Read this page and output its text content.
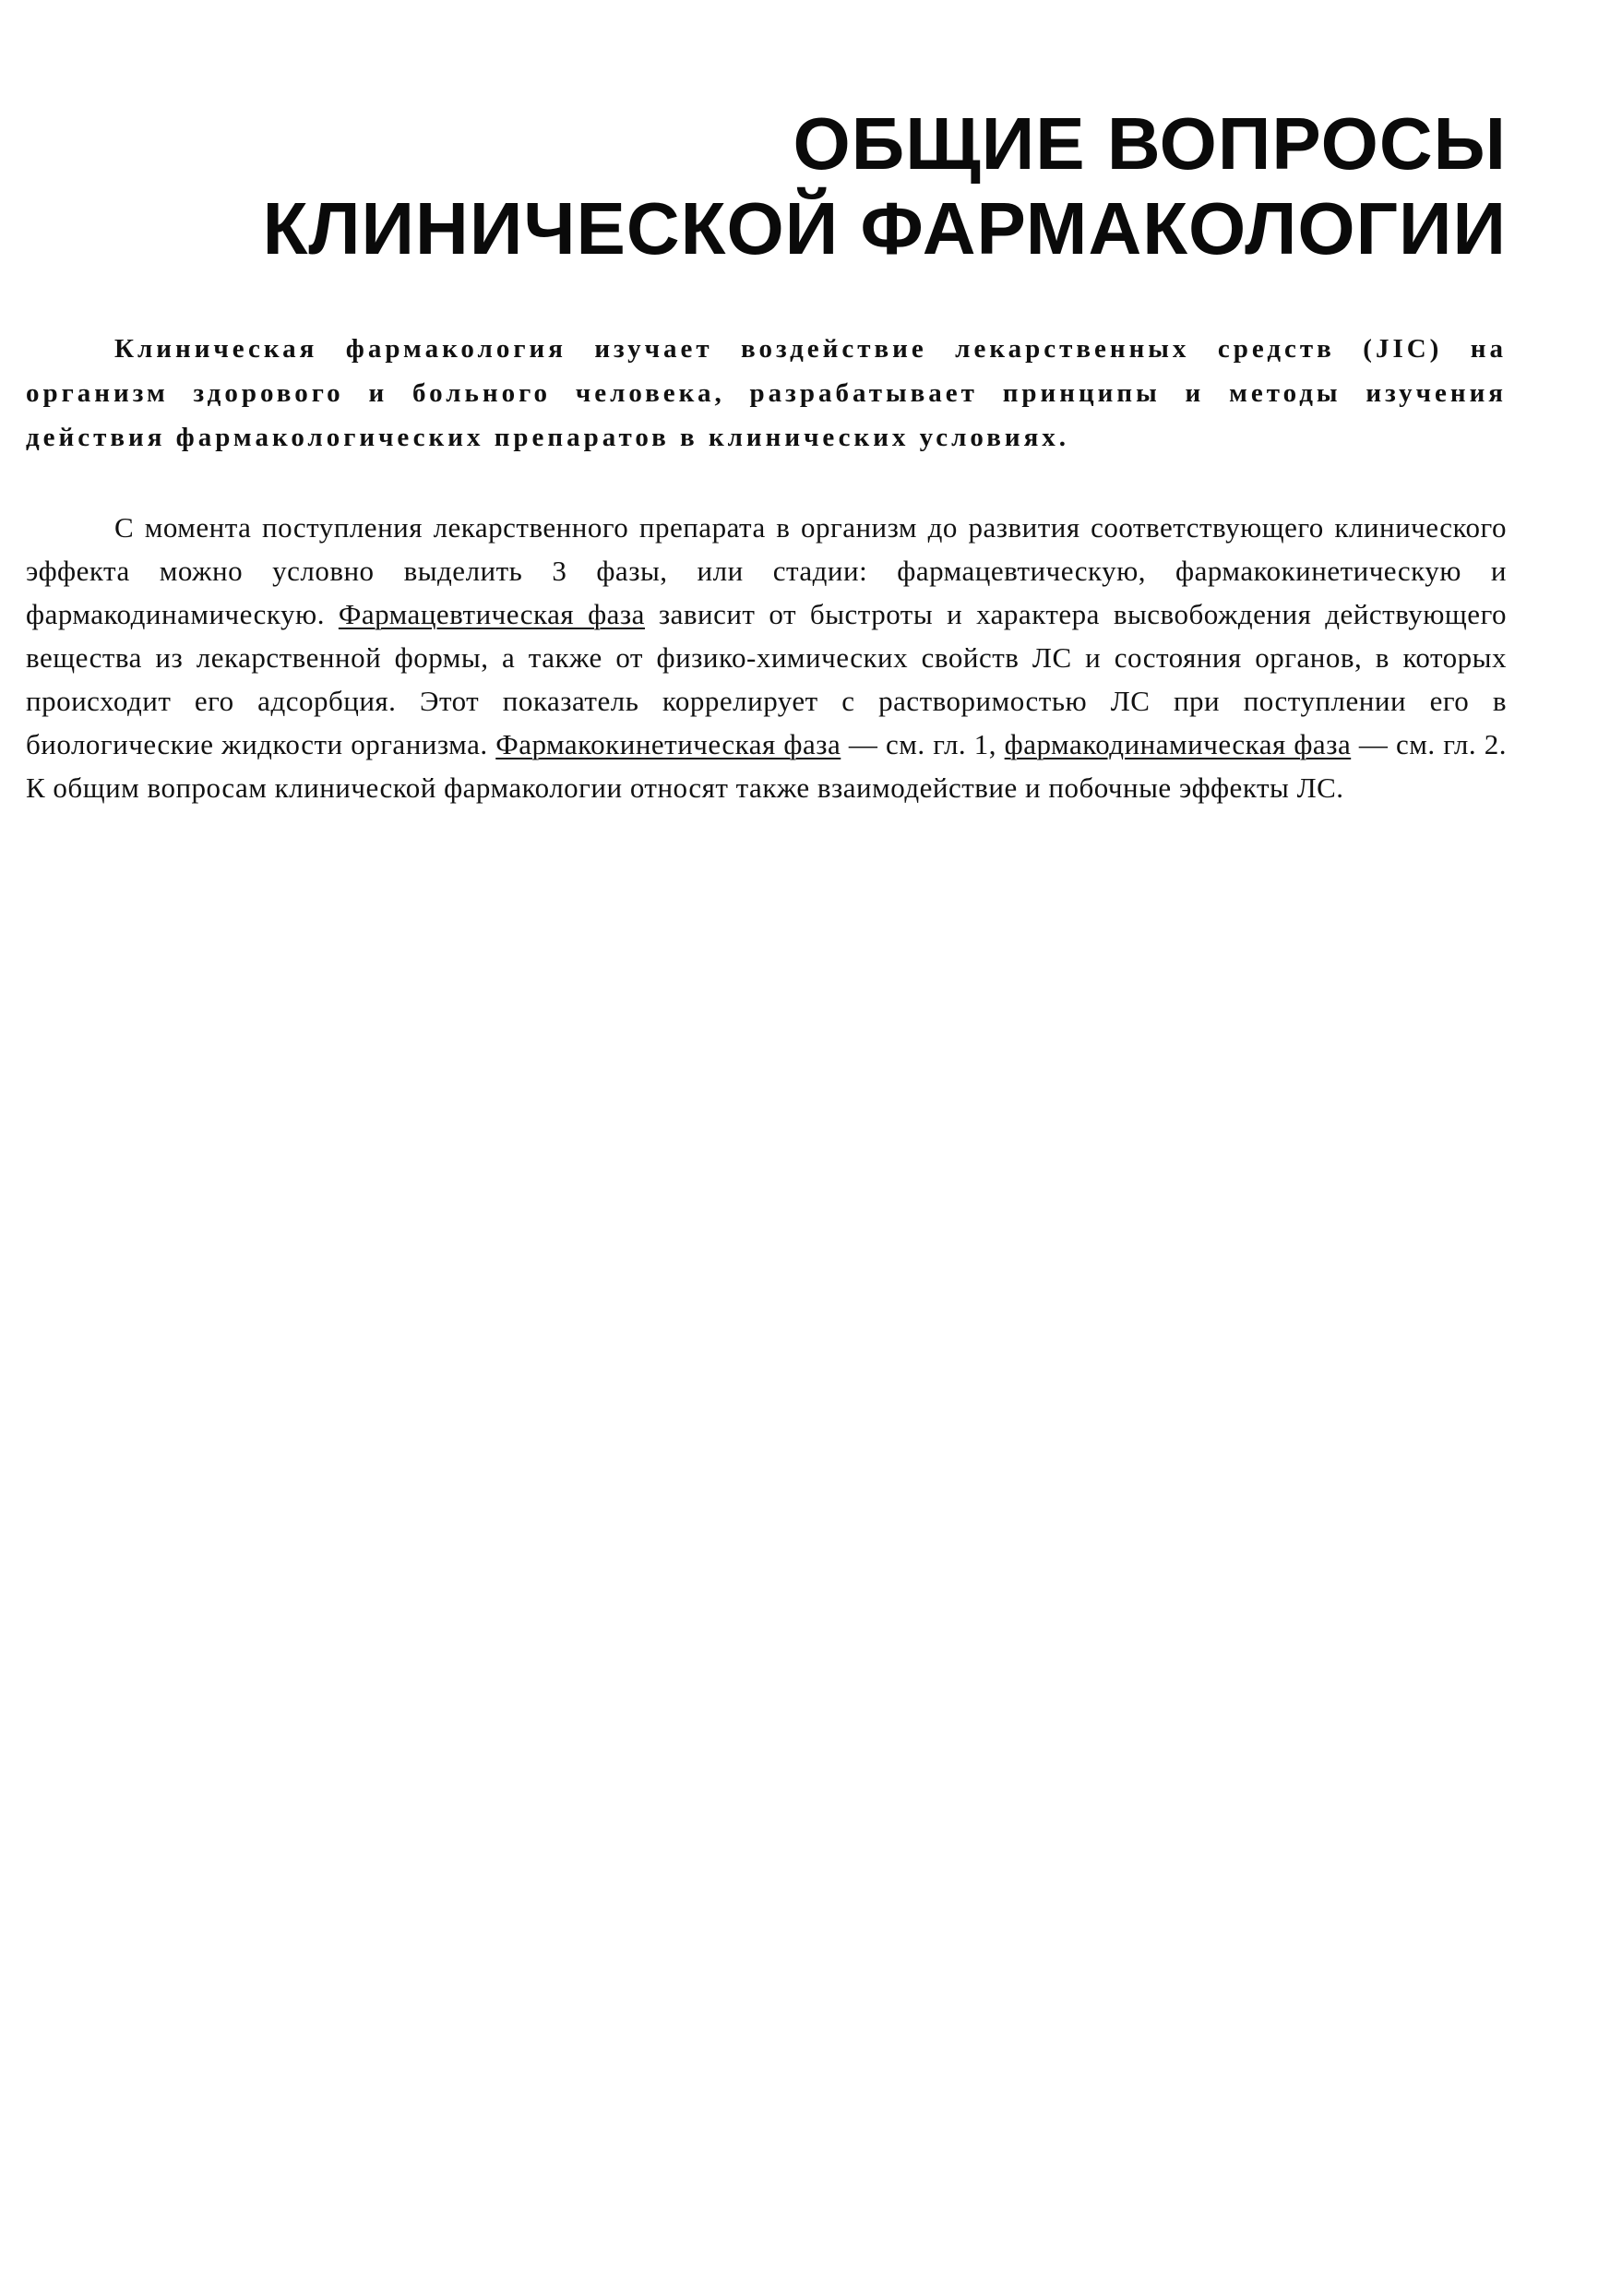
ОБЩИЕ ВОПРОСЫ
КЛИНИЧЕСКОЙ ФАРМАКОЛОГИИ

Клиническая фармакология изучает воздействие лекарственных средств (JIC) на организм здорового и больного человека, разрабатывает принципы и методы изучения действия фармакологических препаратов в клинических условиях.

С момента поступления лекарственного препарата в организм до развития соответствующего клинического эффекта можно условно выделить 3 фазы, или стадии: фармацевтическую, фармакокинетическую и фармакодинамическую. Фармацевтическая фаза зависит от быстроты и характера высвобождения действующего вещества из лекарственной формы, а также от физико-химических свойств ЛС и состояния органов, в которых происходит его адсорбция. Этот показатель коррелирует с растворимостью ЛС при поступлении его в биологические жидкости организма. Фармакокинетическая фаза — см. гл. 1, фармакодинамическая фаза — см. гл. 2. К общим вопросам клинической фармакологии относят также взаимодействие и побочные эффекты ЛС.
